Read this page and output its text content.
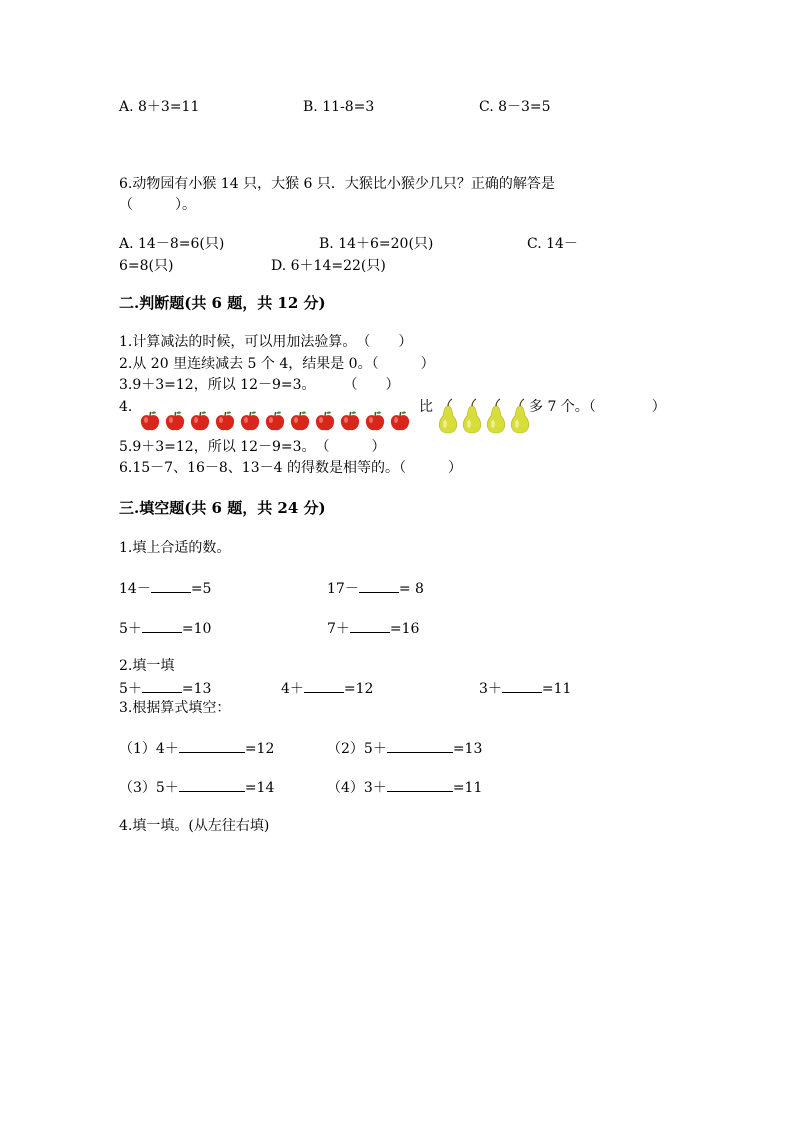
A. 8＋3=11	B. 11-8=3	C. 8－3=5
6.动物园有小猴 14 只，大猴 6 只．大猴比小猴少几只？正确的解答是
（　　　）。
A. 14－8=6(只)	B. 14＋6=20(只)	C. 14－
6=8(只)	D. 6＋14=22(只)
二.判断题(共 6 题，共 12 分)
1.计算减法的时候，可以用加法验算。　（　　）
2.从 20 里连续减去 5 个 4，结果是 0。（　　　）
3.9＋3=12，所以 12－9=3。　　　（　　）
4.	比	多 7 个。（　　　　）
5.9＋3=12，所以 12－9=3。　（　　　）
6.15－7、16－8、13－4 的得数是相等的。（　　　）
三.填空题(共 6 题，共 24 分)
1.填上合适的数。
14－	=5	17－	= 8
5＋	=10	7＋	=16
2.填一填
5＋	=13	4＋	=12	3＋	=11
3.根据算式填空：
（1）4＋	=12	（2）5＋	=13
（3）5＋	=14	（4）3＋	=11
4.填一填。(从左往右填)
